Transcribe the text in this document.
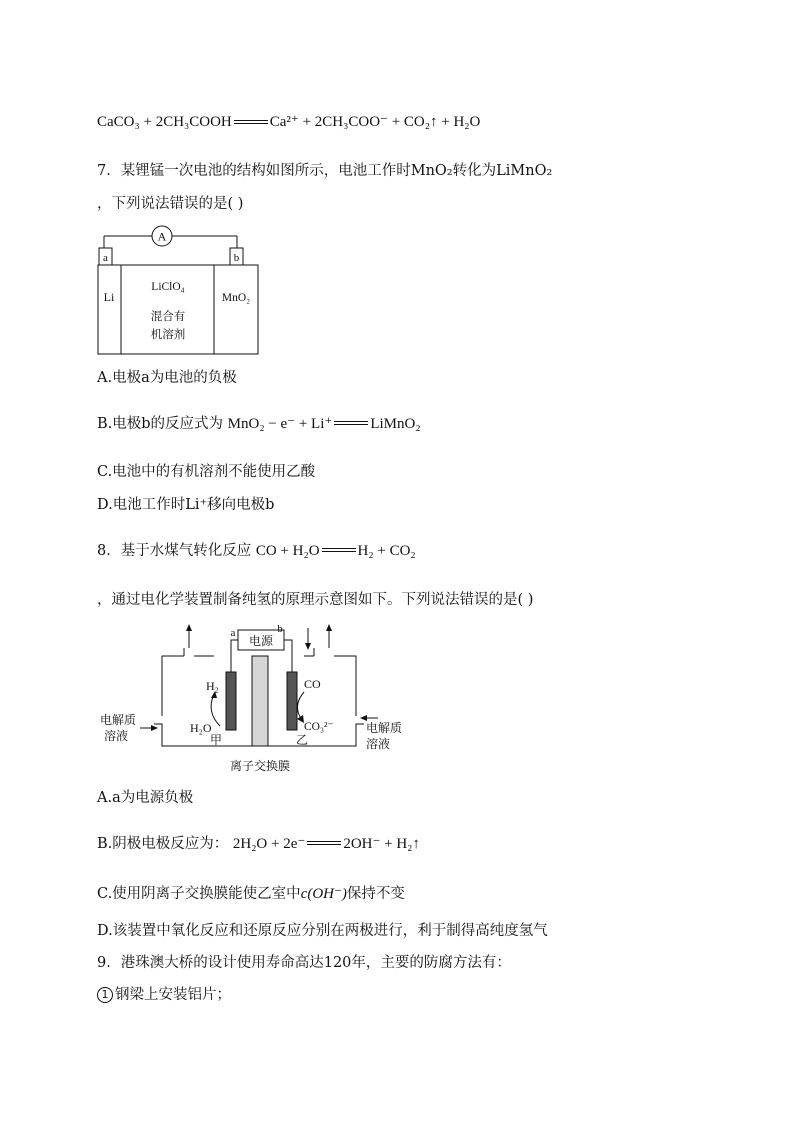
CaCO₃ + 2CH₃COOH	Ca²⁺ + 2CH₃COO⁻ + CO₂↑ + H₂O
7．某锂锰一次电池的结构如图所示，电池工作时MnO₂转化为LiMnO₂
，下列说法错误的是( )
A
a	b
Li	MnO₂
LiClO₄
混合有
机溶剂
A.电极a为电池的负极
B.电极b的反应式为 MnO₂ − e⁻ + Li⁺	LiMnO₂
C.电池中的有机溶剂不能使用乙酸
D.电池工作时Li⁺移向电极b
8．基于水煤气转化反应 CO + H₂O	H₂ + CO₂
，通过电化学装置制备纯氢的原理示意图如下。下列说法错误的是( )
电源
a	b
H₂
H₂O
甲
CO
CO₃²⁻
乙
电解质
溶液
电解质
溶液
离子交换膜
A.a为电源负极
B.阴极电极反应为： 2H₂O + 2e⁻	2OH⁻ + H₂↑
C.使用阴离子交换膜能使乙室中c(OH⁻)保持不变
D.该装置中氧化反应和还原反应分别在两极进行，利于制得高纯度氢气
9．港珠澳大桥的设计使用寿命高达120年，主要的防腐方法有：
1 钢梁上安装铝片；
